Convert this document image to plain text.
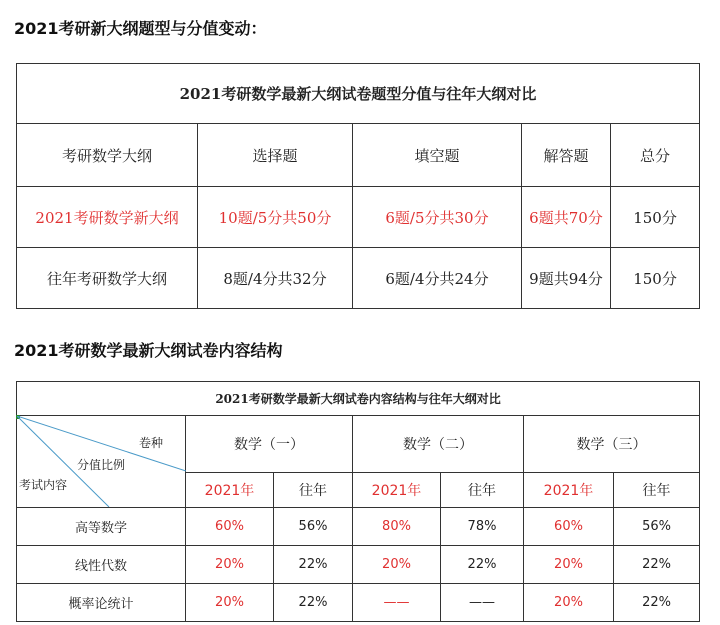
2021考研新大纲题型与分值变动：
2021考研数学最新大纲试卷题型分值与往年大纲对比				
考研数学大纲	选择题	填空题	解答题	总分
2021考研数学新大纲	10题/5分共50分	6题/5分共30分	6题共70分	150分
往年考研数学大纲	8题/4分共32分	6题/4分共24分	9题共94分	150分
2021考研数学最新大纲试卷内容结构
2021考研数学最新大纲试卷内容结构与往年大纲对比						

卷种
分值比例
考试内容	数学（一）		数学（二）		数学（三）	
	2021年	往年	2021年	往年	2021年	往年
高等数学	60%	56%	80%	78%	60%	56%
线性代数	20%	22%	20%	22%	20%	22%
概率论统计	20%	22%	——	——	20%	22%
